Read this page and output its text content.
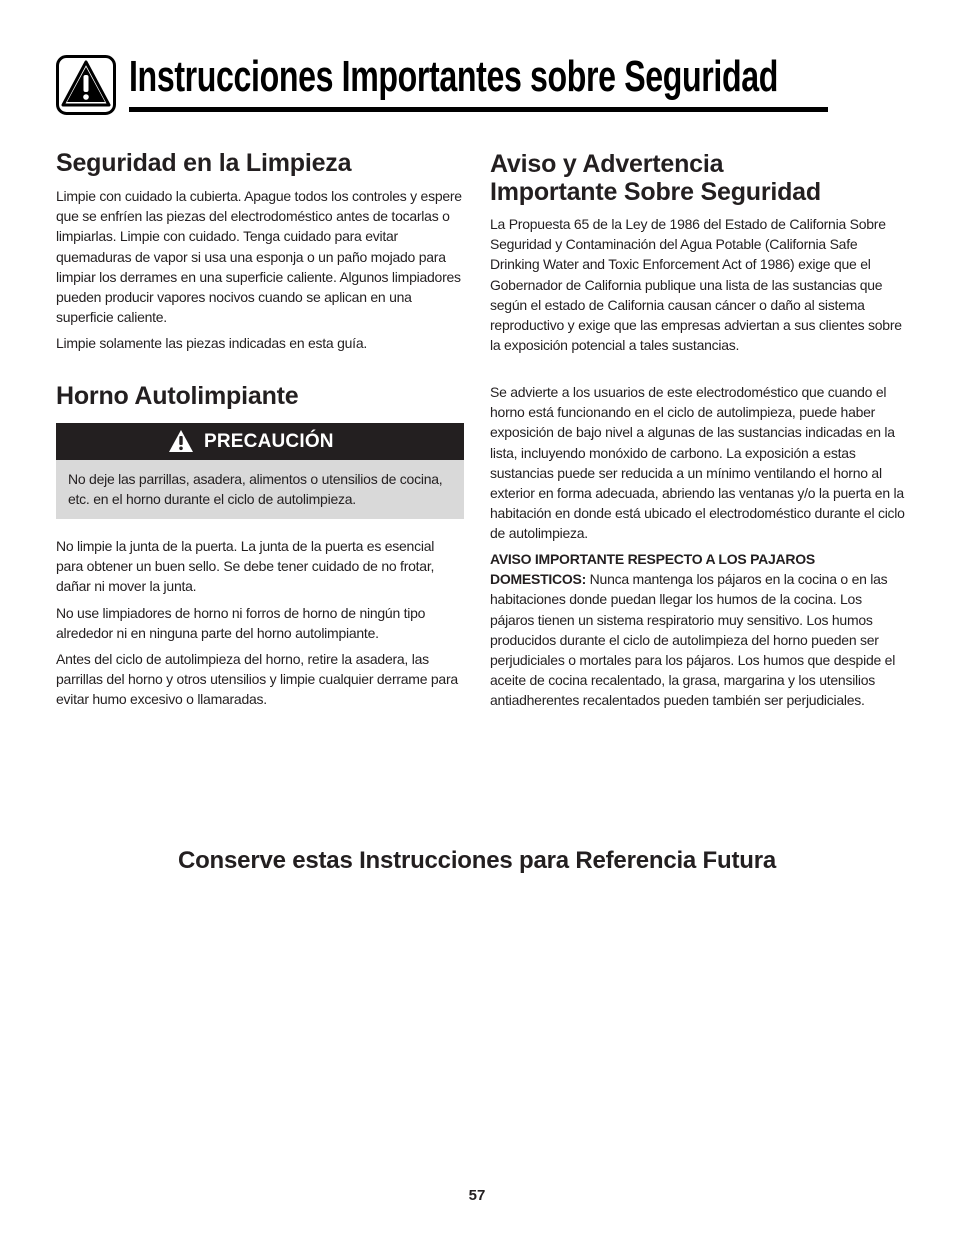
Instrucciones Importantes sobre Seguridad
Seguridad en la Limpieza

Limpie con cuidado la cubierta. Apague todos los controles y espere que se enfríen las piezas del electrodoméstico antes de tocarlas o limpiarlas. Limpie con cuidado. Tenga cuidado para evitar quemaduras de vapor si usa una esponja o un paño mojado para limpiar los derrames en una superficie caliente. Algunos limpiadores pueden producir vapores nocivos cuando se aplican en una superficie caliente.

Limpie solamente las piezas indicadas en esta guía.

Horno Autolimpiante
PRECAUCIÓN

No deje las parrillas, asadera, alimentos o utensilios de cocina, etc. en el horno durante el ciclo de autolimpieza.

No limpie la junta de la puerta. La junta de la puerta es esencial para obtener un buen sello. Se debe tener cuidado de no frotar, dañar ni mover la junta.

No use limpiadores de horno ni forros de horno de ningún tipo alrededor ni en ninguna parte del horno autolimpiante.

Antes del ciclo de autolimpieza del horno, retire la asadera, las parrillas del horno y otros utensilios y limpie cualquier derrame para evitar humo excesivo o llamaradas.

Aviso y Advertencia
Importante Sobre Seguridad

La Propuesta 65 de la Ley de 1986 del Estado de California Sobre Seguridad y Contaminación del Agua Potable (California Safe Drinking Water and Toxic Enforcement Act of 1986) exige que el Gobernador de California publique una lista de las sustancias que según el estado de California causan cáncer o daño al sistema reproductivo y exige que las empresas adviertan a sus clientes sobre la exposición potencial a tales sustancias.

Se advierte a los usuarios de este electrodoméstico que cuando el horno está funcionando en el ciclo de autolimpieza, puede haber exposición de bajo nivel a algunas de las sustancias indicadas en la lista, incluyendo monóxido de carbono. La exposición a estas sustancias puede ser reducida a un mínimo ventilando el horno al exterior en forma adecuada, abriendo las ventanas y/o la puerta en la habitación en donde está ubicado el electrodoméstico durante el ciclo de autolimpieza.

AVISO IMPORTANTE RESPECTO A LOS PAJAROS DOMESTICOS: Nunca mantenga los pájaros en la cocina o en las habitaciones donde puedan llegar los humos de la cocina. Los pájaros tienen un sistema respiratorio muy sensitivo. Los humos producidos durante el ciclo de autolimpieza del horno pueden ser perjudiciales o mortales para los pájaros. Los humos que despide el aceite de cocina recalentado, la grasa, margarina y los utensilios antiadherentes recalentados pueden también ser perjudiciales.

Conserve estas Instrucciones para Referencia Futura
57
